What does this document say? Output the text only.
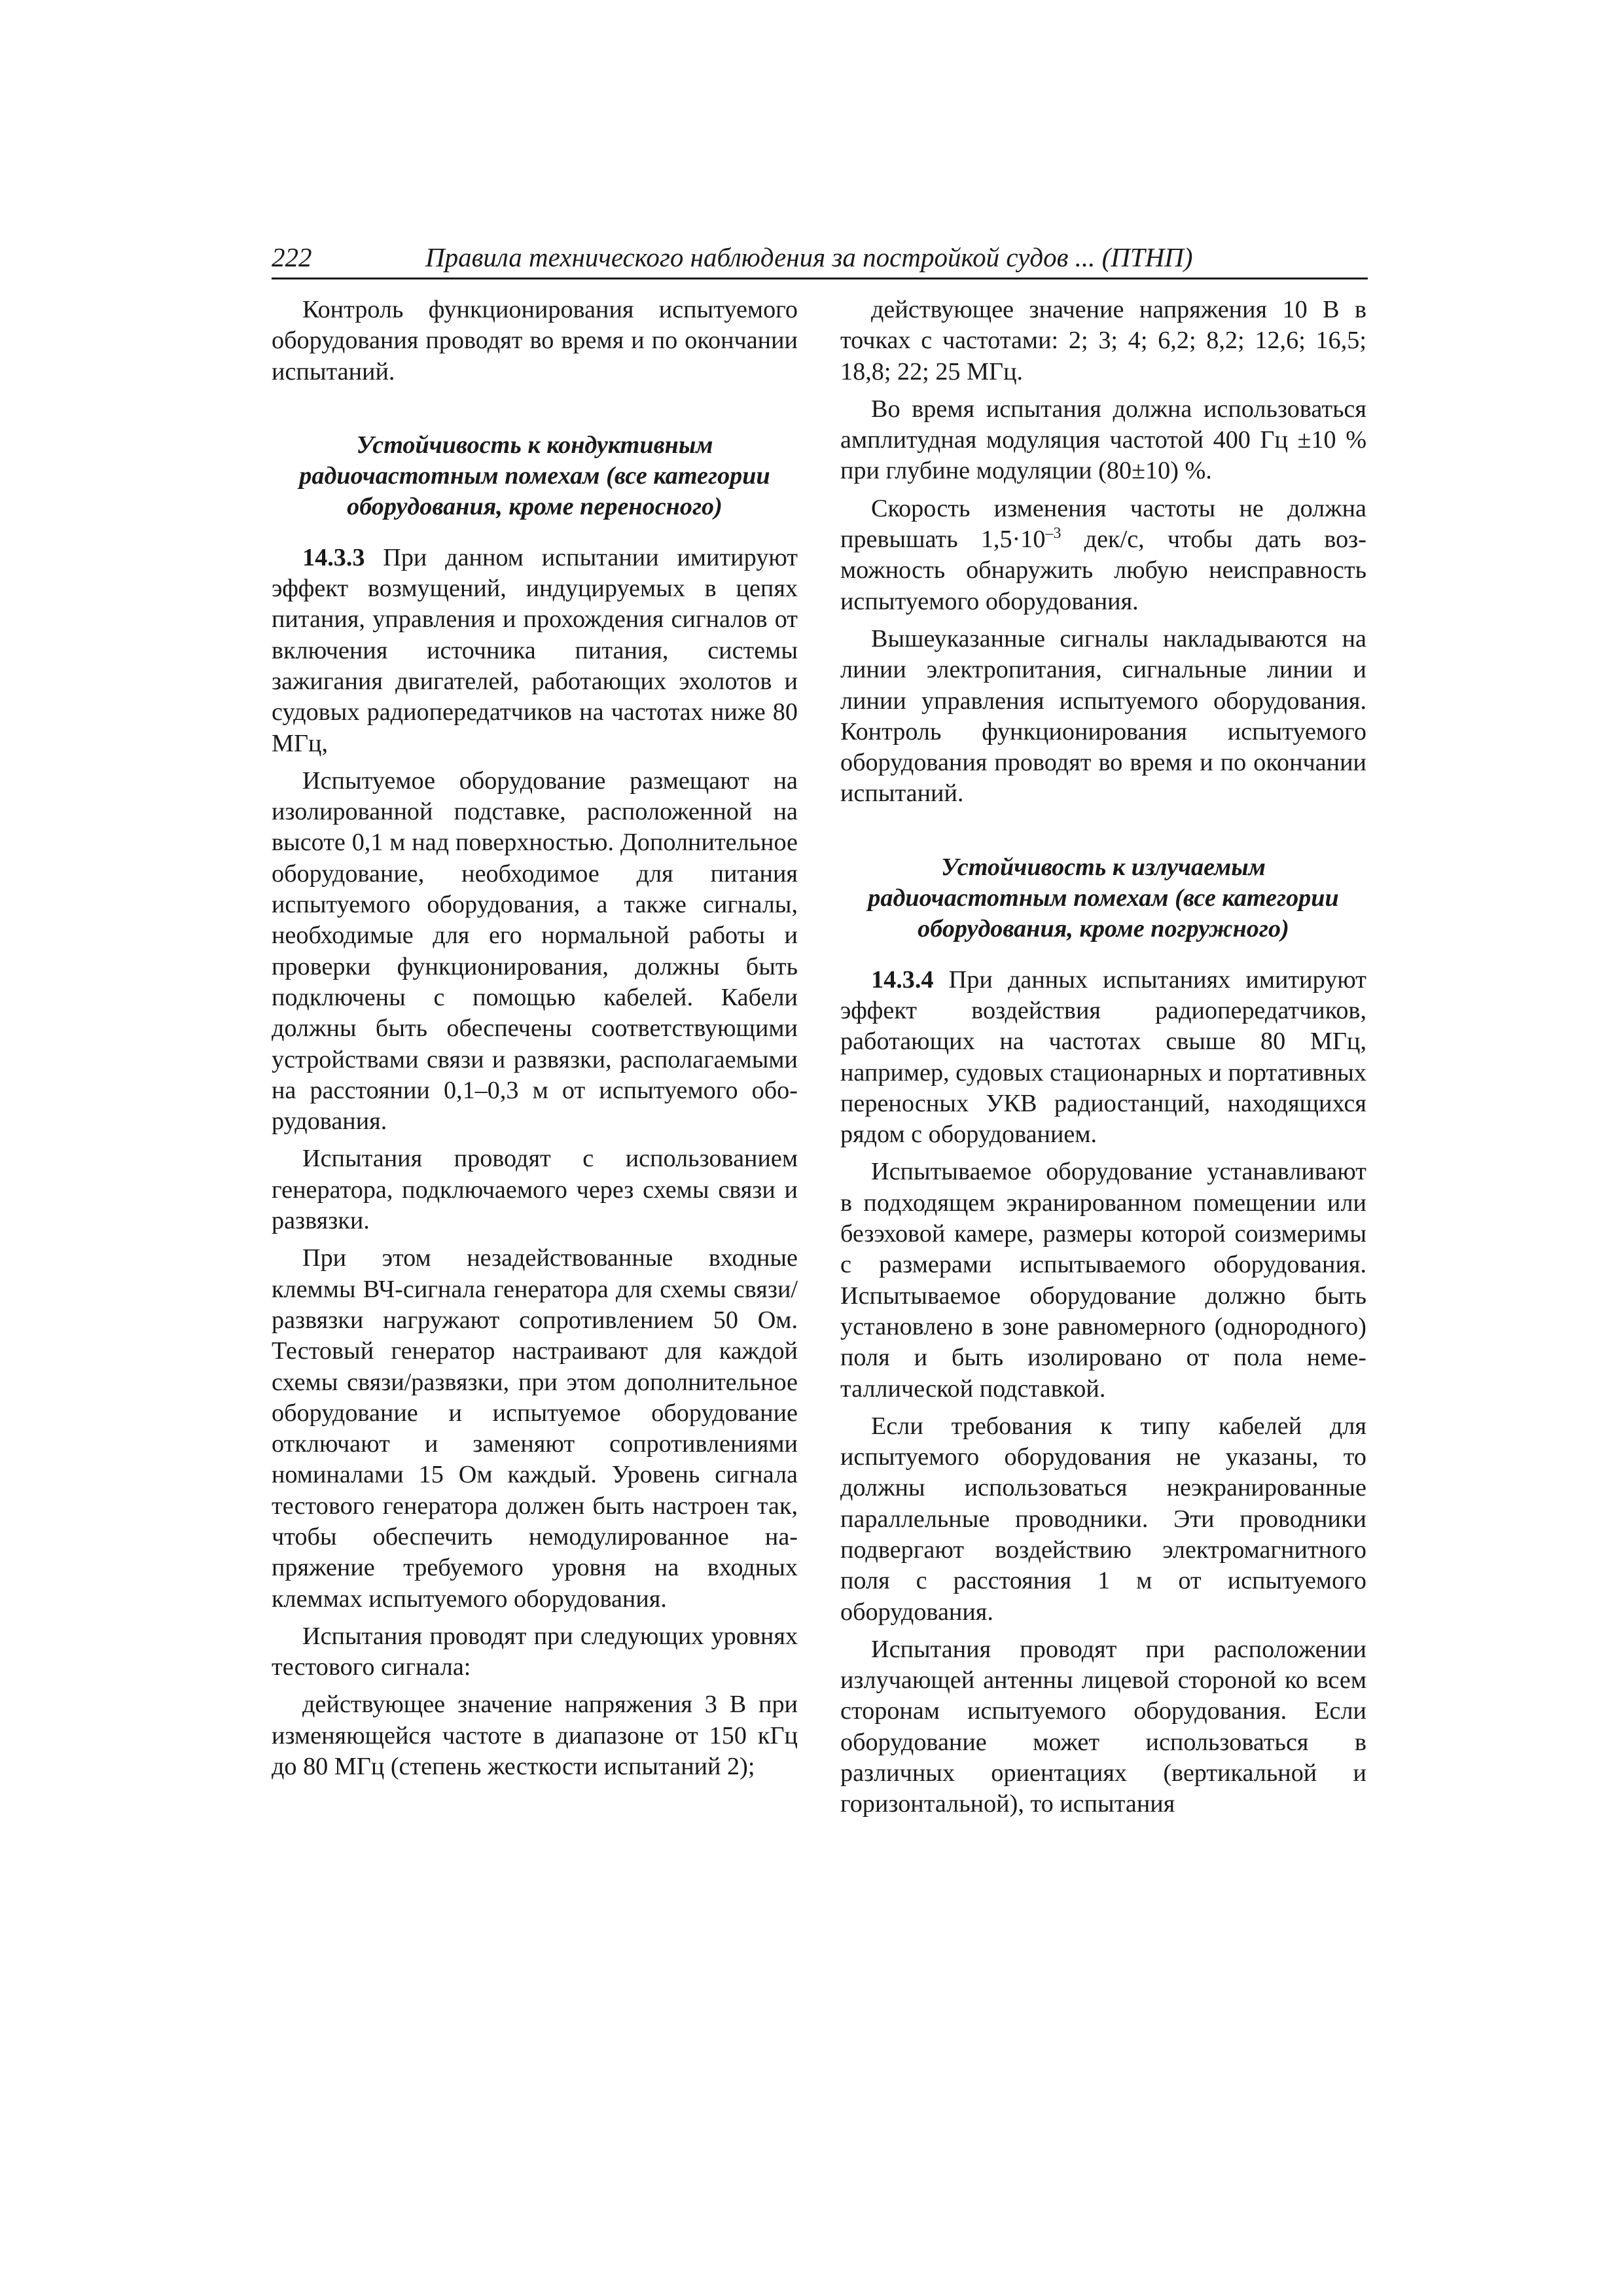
222	Правила технического наблюдения за постройкой судов ... (ПТНП)

Контроль функционирования испытуемого оборудования проводят во время и по окончании испытаний.

Устойчивость к кондуктивным радиочастотным помехам (все категории оборудования, кроме переносного)

14.3.3 При данном испытании имитируют эффект возмущений, индуцируемых в цепях питания, управления и прохождения сигналов от включения источника питания, системы зажигания двигателей, работающих эхолотов и судовых радиопередатчиков на частотах ниже 80 МГц,

Испытуемое оборудование размещают на изолированной подставке, расположенной на высоте 0,1 м над поверхностью. Дополнительное оборудование, необходимое для питания испытуемого оборудования, а также сигналы, необходимые для его нормальной работы и проверки функционирования, должны быть подключены с помощью кабелей. Кабели должны быть обеспечены соответствующими устройствами связи и развязки, располагаемыми на расстоянии 0,1–0,3 м от испытуемого оборудования.

Испытания проводят с использованием генератора, подключаемого через схемы связи и развязки.

При этом незадействованные входные клеммы ВЧ-сигнала генератора для схемы связи/развязки нагружают сопротивлением 50 Ом. Тестовый генератор настраивают для каждой схемы связи/развязки, при этом дополнительное оборудование и испытуемое оборудование отключают и заменяют сопротивлениями номиналами 15 Ом каждый. Уровень сигнала тестового генератора должен быть настроен так, чтобы обеспечить немодулированное напряжение требуемого уровня на входных клеммах испытуемого оборудования.

Испытания проводят при следующих уровнях тестового сигнала:

действующее значение напряжения 3 В при изменяющейся частоте в диапазоне от 150 кГц до 80 МГц (степень жесткости испытаний 2);

действующее значение напряжения 10 В в точках с частотами: 2; 3; 4; 6,2; 8,2; 12,6; 16,5; 18,8; 22; 25 МГц.

Во время испытания должна использоваться амплитудная модуляция частотой 400 Гц ±10 % при глубине модуляции (80±10) %.

Скорость изменения частоты не должна превышать $1,5\cdot 10^{-3}$ дек/с, чтобы дать возможность обнаружить любую неисправность испытуемого оборудования.

Вышеуказанные сигналы накладываются на линии электропитания, сигнальные линии и линии управления испытуемого оборудования. Контроль функционирования испытуемого оборудования проводят во время и по окончании испытаний.

Устойчивость к излучаемым радиочастотным помехам (все категории оборудования, кроме погружного)

14.3.4 При данных испытаниях имитируют эффект воздействия радиопередатчиков, работающих на частотах свыше 80 МГц, например, судовых стационарных и портативных переносных УКВ радиостанций, находящихся рядом с оборудованием.

Испытываемое оборудование устанавливают в подходящем экранированном помещении или безэховой камере, размеры которой соизмеримы с размерами испытываемого оборудования. Испытываемое оборудование должно быть установлено в зоне равномерного (однородного) поля и быть изолировано от пола неметаллической подставкой.

Если требования к типу кабелей для испытуемого оборудования не указаны, то должны использоваться неэкранированные параллельные проводники. Эти проводники подвергают воздействию электромагнитного поля с расстояния 1 м от испытуемого оборудования.

Испытания проводят при расположении излучающей антенны лицевой стороной ко всем сторонам испытуемого оборудования. Если оборудование может использоваться в различных ориентациях (вертикальной и горизонтальной), то испытания
